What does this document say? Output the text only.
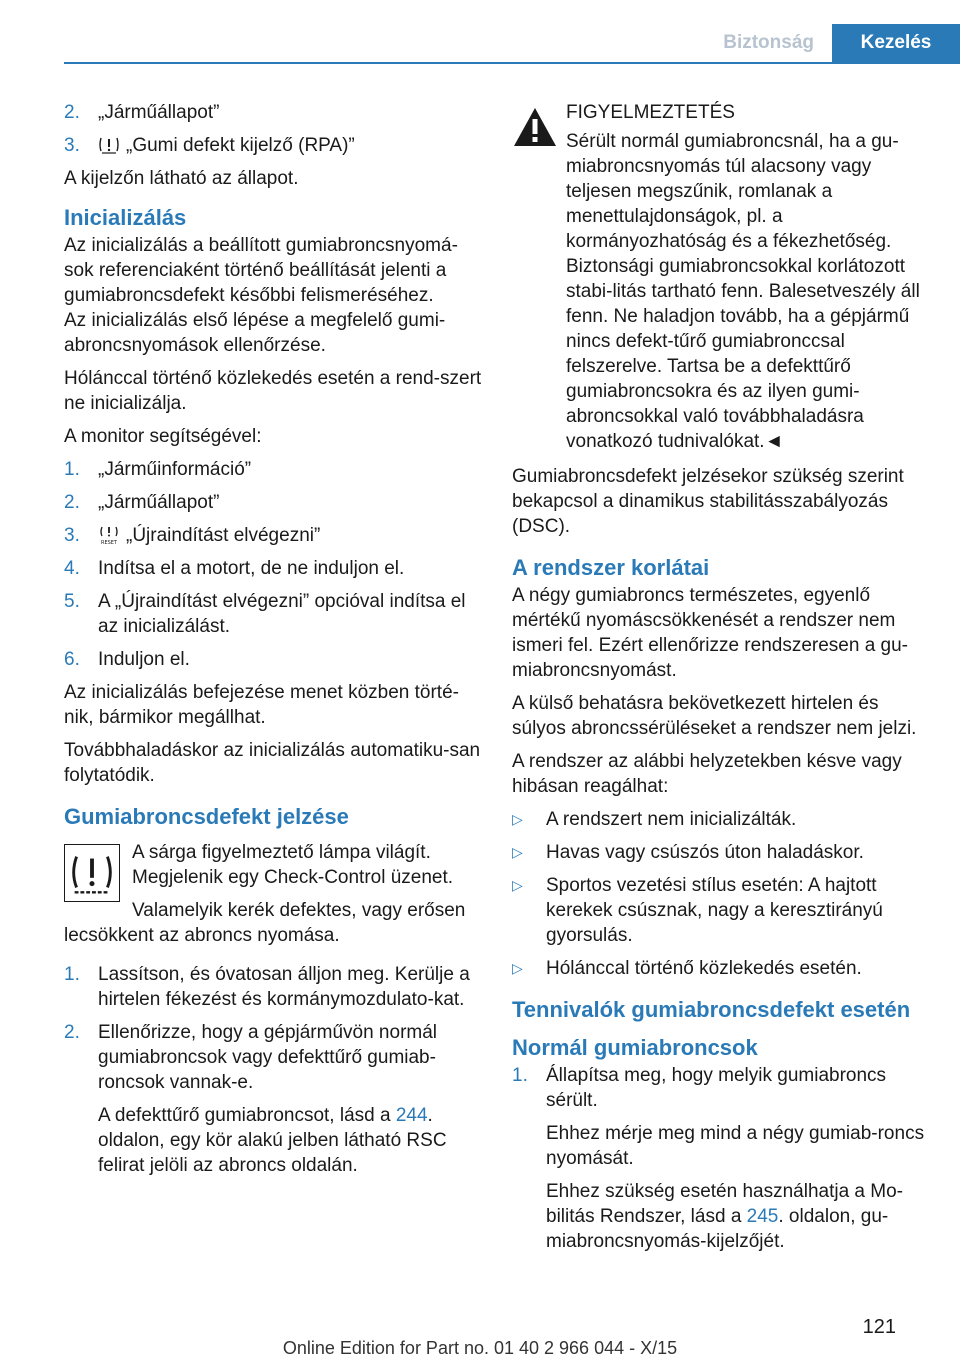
Biztonság	Kezelés
2. „Járműállapot”
3.	„Gumi defekt kijelző (RPA)”

A kijelzőn látható az állapot.

Inicializálás

Az inicializálás a beállított gumiabroncsnyomá-sok referenciaként történő beállítását jelenti a gumiabroncsdefekt későbbi felismeréséhez.

Az inicializálás első lépése a megfelelő gumi-abroncsnyomások ellenőrzése.

Hólánccal történő közlekedés esetén a rend-szert ne inicializálja.

A monitor segítségével:

1. „Járműinformáció”
2. „Járműállapot”
3.	RESET „Újraindítást elvégezni”
4. Indítsa el a motort, de ne induljon el.
5. A „Újraindítást elvégezni” opcióval indítsa el az inicializálást.
6. Induljon el.

Az inicializálás befejezése menet közben törté-nik, bármikor megállhat.

Továbbhaladáskor az inicializálás automatiku-san folytatódik.

Gumiabroncsdefekt jelzése

A sárga figyelmeztető lámpa világít. Megjelenik egy Check-Control üzenet.

Valamelyik kerék defektes, vagy erősen lecsökkent az abroncs nyomása.

1. Lassítson, és óvatosan álljon meg. Kerülje a hirtelen fékezést és kormánymozdulato-kat.
2. Ellenőrizze, hogy a gépjárművön normál gumiabroncsok vagy defekttűrő gumiab-roncsok vannak-e.

A defekttűrő gumiabroncsot, lásd a 244. oldalon, egy kör alakú jelben látható RSC felirat jelöli az abroncs oldalán.

FIGYELMEZTETÉS
Sérült normál gumiabroncsnál, ha a gu-miabroncsnyomás túl alacsony vagy teljesen megszűnik, romlanak a menettulajdonságok, pl. a kormányozhatóság és a fékezhetőség. Biztonsági gumiabroncsokkal korlátozott stabi-litás tartható fenn. Balesetveszély áll fenn. Ne haladjon tovább, ha a gépjármű nincs defekt-tűrő gumiabronccsal felszerelve. Tartsa be a defekttűrő gumiabroncsokra és az ilyen gumi-abroncsokkal való továbbhaladásra vonatkozó tudnivalókat.◄

Gumiabroncsdefekt jelzésekor szükség szerint bekapcsol a dinamikus stabilitásszabályozás (DSC).

A rendszer korlátai

A négy gumiabroncs természetes, egyenlő mértékű nyomáscsökkenését a rendszer nem ismeri fel. Ezért ellenőrizze rendszeresen a gu-miabroncsnyomást.

A külső behatásra bekövetkezett hirtelen és súlyos abroncssérüléseket a rendszer nem jelzi.

A rendszer az alábbi helyzetekben késve vagy hibásan reagálhat:

▷	A rendszert nem inicializálták.
▷	Havas vagy csúszós úton haladáskor.
▷	Sportos vezetési stílus esetén: A hajtott kerekek csúsznak, nagy a keresztirányú gyorsulás.
▷	Hólánccal történő közlekedés esetén.
Tennivalók gumiabroncsdefekt esetén
Normál gumiabroncsok
1. Állapítsa meg, hogy melyik gumiabroncs sérült.

Ehhez mérje meg mind a négy gumiab-roncs nyomását.

Ehhez szükség esetén használhatja a Mo-bilitás Rendszer, lásd a 245. oldalon, gu-miabroncsnyomás-kijelzőjét.

121
Online Edition for Part no. 01 40 2 966 044 - X/15
